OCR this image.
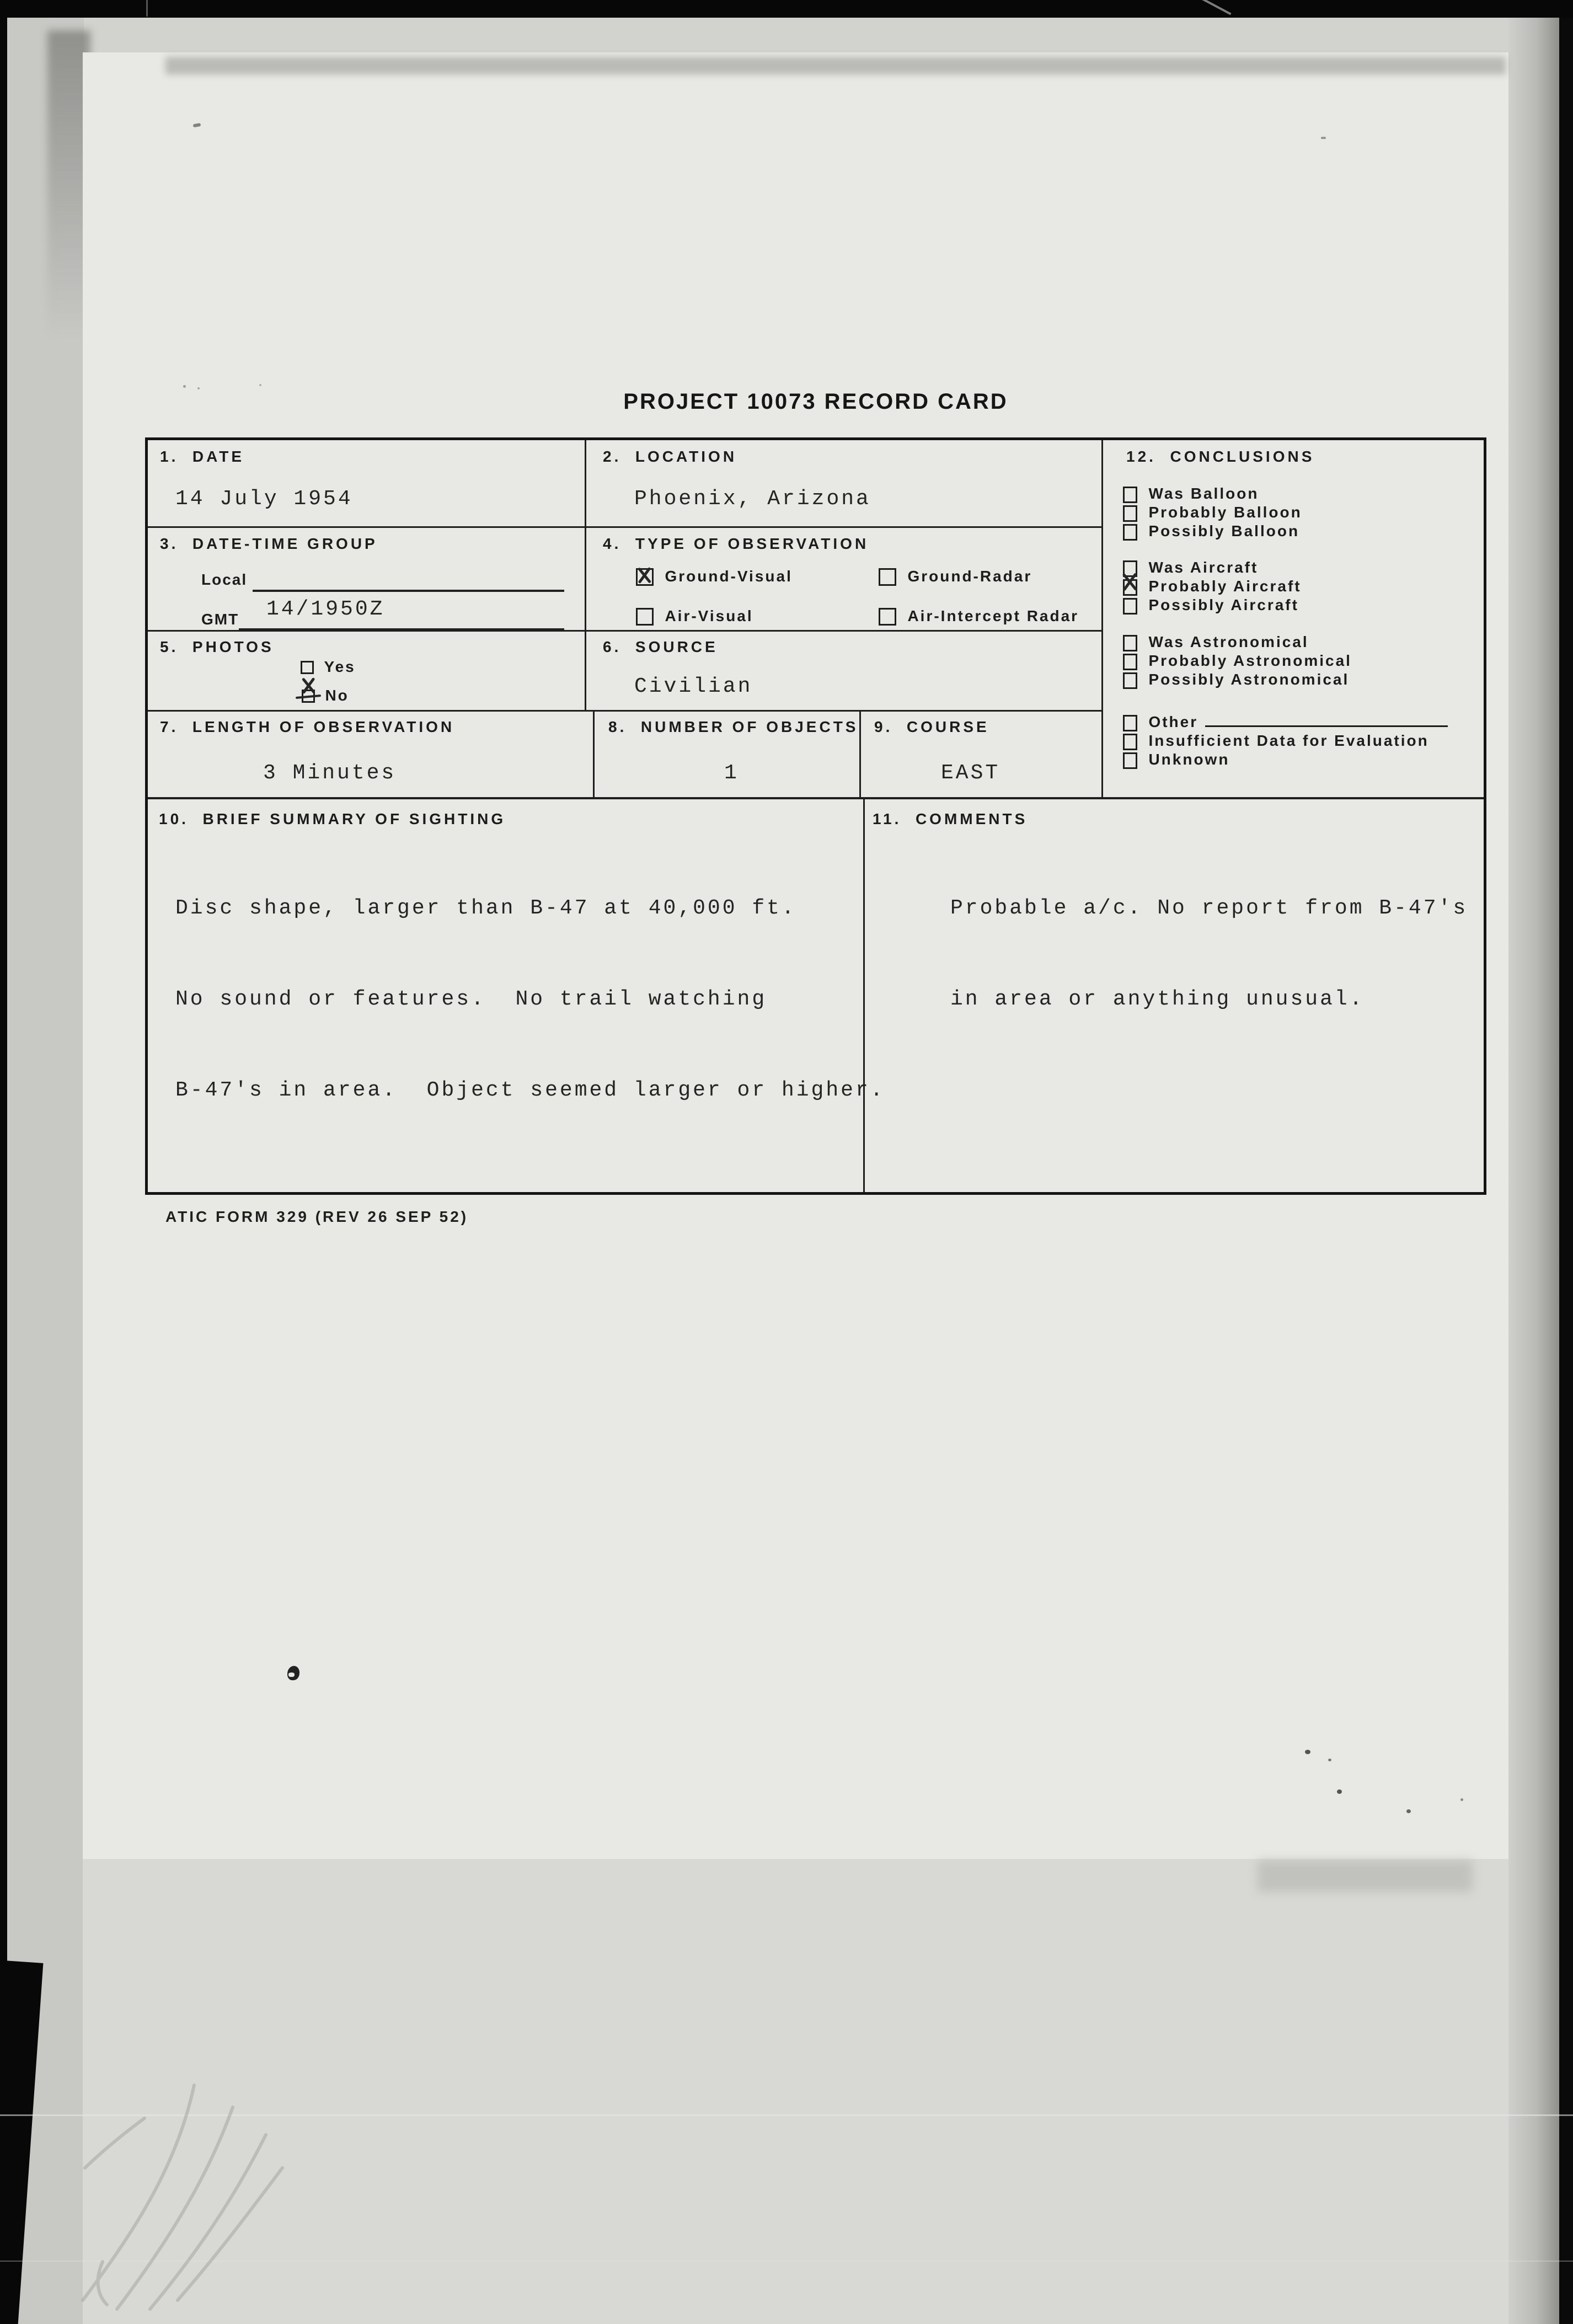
PROJECT 10073 RECORD CARD
1.  DATE
14 July 1954
2.  LOCATION
Phoenix, Arizona
12.  CONCLUSIONS
Was Balloon
Probably Balloon
Possibly Balloon
Was Aircraft
Probably Aircraft
Possibly Aircraft
Was Astronomical
Probably Astronomical
Possibly Astronomical
Other
Insufficient Data for Evaluation
Unknown
3.  DATE-TIME GROUP
Local
GMT 14/1950Z
4.  TYPE OF OBSERVATION
Ground-Visual	Ground-Radar
Air-Visual	Air-Intercept Radar
5.  PHOTOS
Yes
No
6.  SOURCE
Civilian
7.  LENGTH OF OBSERVATION
3 Minutes
8.  NUMBER OF OBJECTS
1
9.  COURSE
EAST
10.  BRIEF SUMMARY OF SIGHTING

Disc shape, larger than B-47 at 40,000 ft.

No sound or features.  No trail watching

B-47's in area.  Object seemed larger or higher.

11.  COMMENTS

Probable a/c. No report from B-47's

in area or anything unusual.

ATIC FORM 329 (REV 26 SEP 52)
